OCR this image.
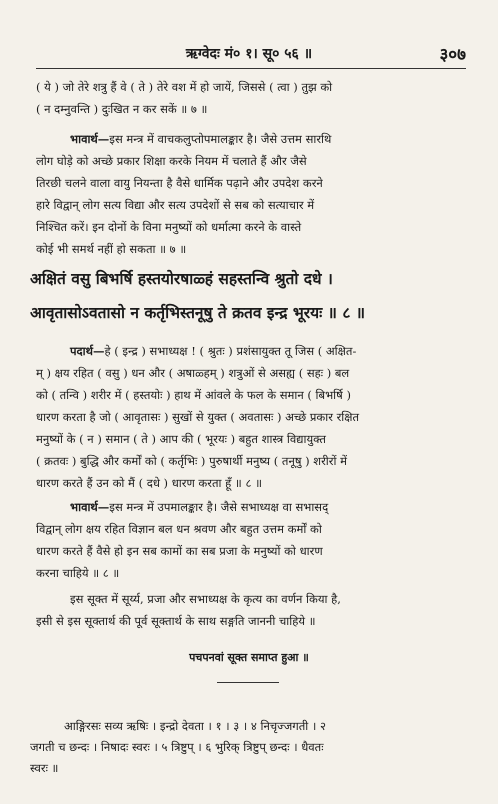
ऋग्वेदः मं० १। सू० ५६ ॥	३०७

( ये ) जो तेरे शत्रु हैं वे ( ते ) तेरे वश में हो जायें, जिससे ( त्वा ) तुझ को

( न दम्नुवन्ति ) दुःखित न कर सकें ॥ ७ ॥

भावार्थ—इस मन्त्र में वाचकलुप्तोपमालङ्कार है। जैसे उत्तम सारथि

लोग घोड़े को अच्छे प्रकार शिक्षा करके नियम में चलाते हैं और जैसे

तिरछी चलने वाला वायु नियन्ता है वैसे धार्मिक पढ़ाने और उपदेश करने

हारे विद्वान् लोग सत्य विद्या और सत्य उपदेशों से सब को सत्याचार में

निश्चित करें। इन दोनों के विना मनुष्यों को धर्मात्मा करने के वास्ते

कोई भी समर्थ नहीं हो सकता ॥ ७ ॥

अक्षितं वसु बिभर्षि हस्तयोरषाळ्हं सहस्तन्वि श्रुतो दधे ।

आवृतासोऽवतासो न कर्तृभिस्तनूषु ते क्रतव इन्द्र भूरयः ॥ ८ ॥

पदार्थ—हे ( इन्द्र ) सभाध्यक्ष ! ( श्रुतः ) प्रशंसायुक्त तू जिस ( अक्षित-

म् ) क्षय रहित ( वसु ) धन और ( अषाळ्हम् ) शत्रुओं से असह्य ( सहः ) बल

को ( तन्वि ) शरीर में ( हस्तयोः ) हाथ में आंवले के फल के समान ( बिभर्षि )

धारण करता है जो ( आवृतासः ) सुखों से युक्त ( अवतासः ) अच्छे प्रकार रक्षित

मनुष्यों के ( न ) समान ( ते ) आप की ( भूरयः ) बहुत शास्त्र विद्यायुक्त

( क्रतवः ) बुद्धि और कर्मों को ( कर्तृभिः ) पुरुषार्थी मनुष्य ( तनूषु ) शरीरों में

धारण करते हैं उन को मैं ( दधे ) धारण करता हूँ ॥ ८ ॥

भावार्थ—इस मन्त्र में उपमालङ्कार है। जैसे सभाध्यक्ष वा सभासद्

विद्वान् लोग क्षय रहित विज्ञान बल धन श्रवण और बहुत उत्तम कर्मों को

धारण करते हैं वैसे हो इन सब कामों का सब प्रजा के मनुष्यों को धारण

करना चाहिये ॥ ८ ॥

इस सूक्त में सूर्य्य, प्रजा और सभाध्यक्ष के कृत्य का वर्णन किया है,

इसी से इस सूक्तार्थ की पूर्व सूक्तार्थ के साथ सङ्गति जाननी चाहिये ॥

पचपनवां सूक्त समाप्त हुआ ॥

आङ्गिरसः सव्य ऋषिः । इन्द्रो देवता । १ । ३ । ४ निचृज्जगती । २

जगती च छन्दः । निषादः स्वरः । ५ त्रिष्टुप् । ६ भुरिक् त्रिष्टुप् छन्दः । धैवतः

स्वरः ॥
